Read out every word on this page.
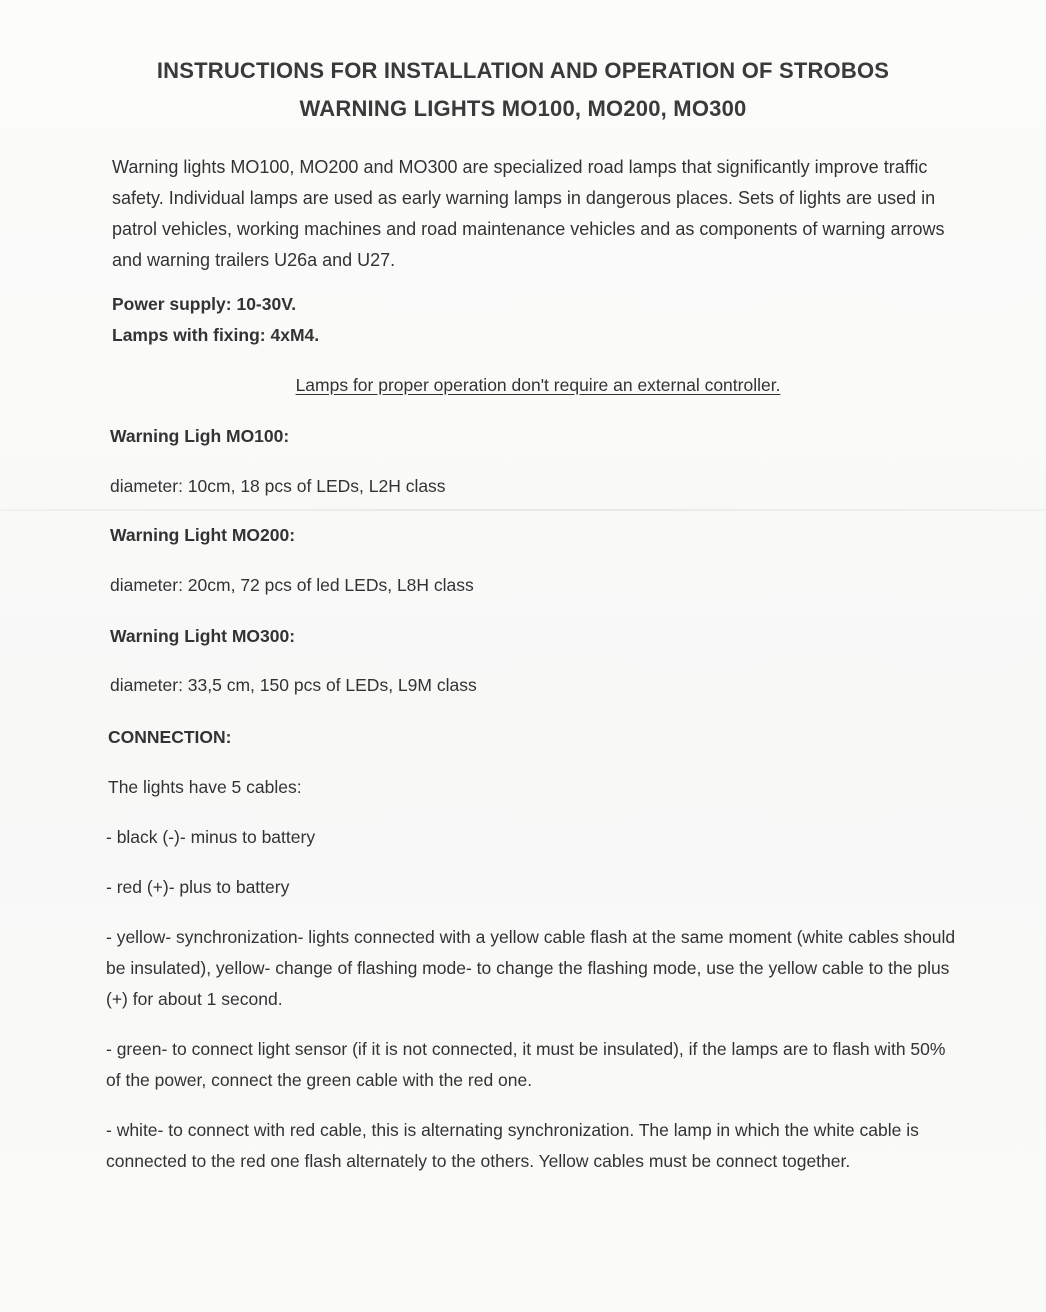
INSTRUCTIONS FOR INSTALLATION AND OPERATION OF STROBOS
WARNING LIGHTS MO100, MO200, MO300
Warning lights MO100, MO200 and MO300 are specialized road lamps that significantly improve traffic safety. Individual lamps are used as early warning lamps in dangerous places. Sets of lights are used in patrol vehicles, working machines and road maintenance vehicles and as components of warning arrows and warning trailers U26a and U27.
Power supply: 10-30V.
Lamps with fixing: 4xM4.
Lamps for proper operation don't require an external controller.
Warning Ligh MO100:
diameter: 10cm, 18 pcs of LEDs, L2H class
Warning Light MO200:
diameter: 20cm, 72 pcs of led LEDs, L8H class
Warning Light MO300:
diameter: 33,5 cm, 150 pcs of LEDs, L9M class
CONNECTION:
The lights have 5 cables:
- black (-)- minus to battery
- red (+)- plus to battery
- yellow- synchronization- lights connected with a yellow cable flash at the same moment (white cables should be insulated), yellow- change of flashing mode- to change the flashing mode, use the yellow cable to the plus (+) for about 1 second.
- green- to connect light sensor (if it is not connected, it must be insulated), if the lamps are to flash with 50% of the power, connect the green cable with the red one.
- white- to connect with red cable, this is alternating synchronization. The lamp in which the white cable is connected to the red one flash alternately to the others. Yellow cables must be connect together.
